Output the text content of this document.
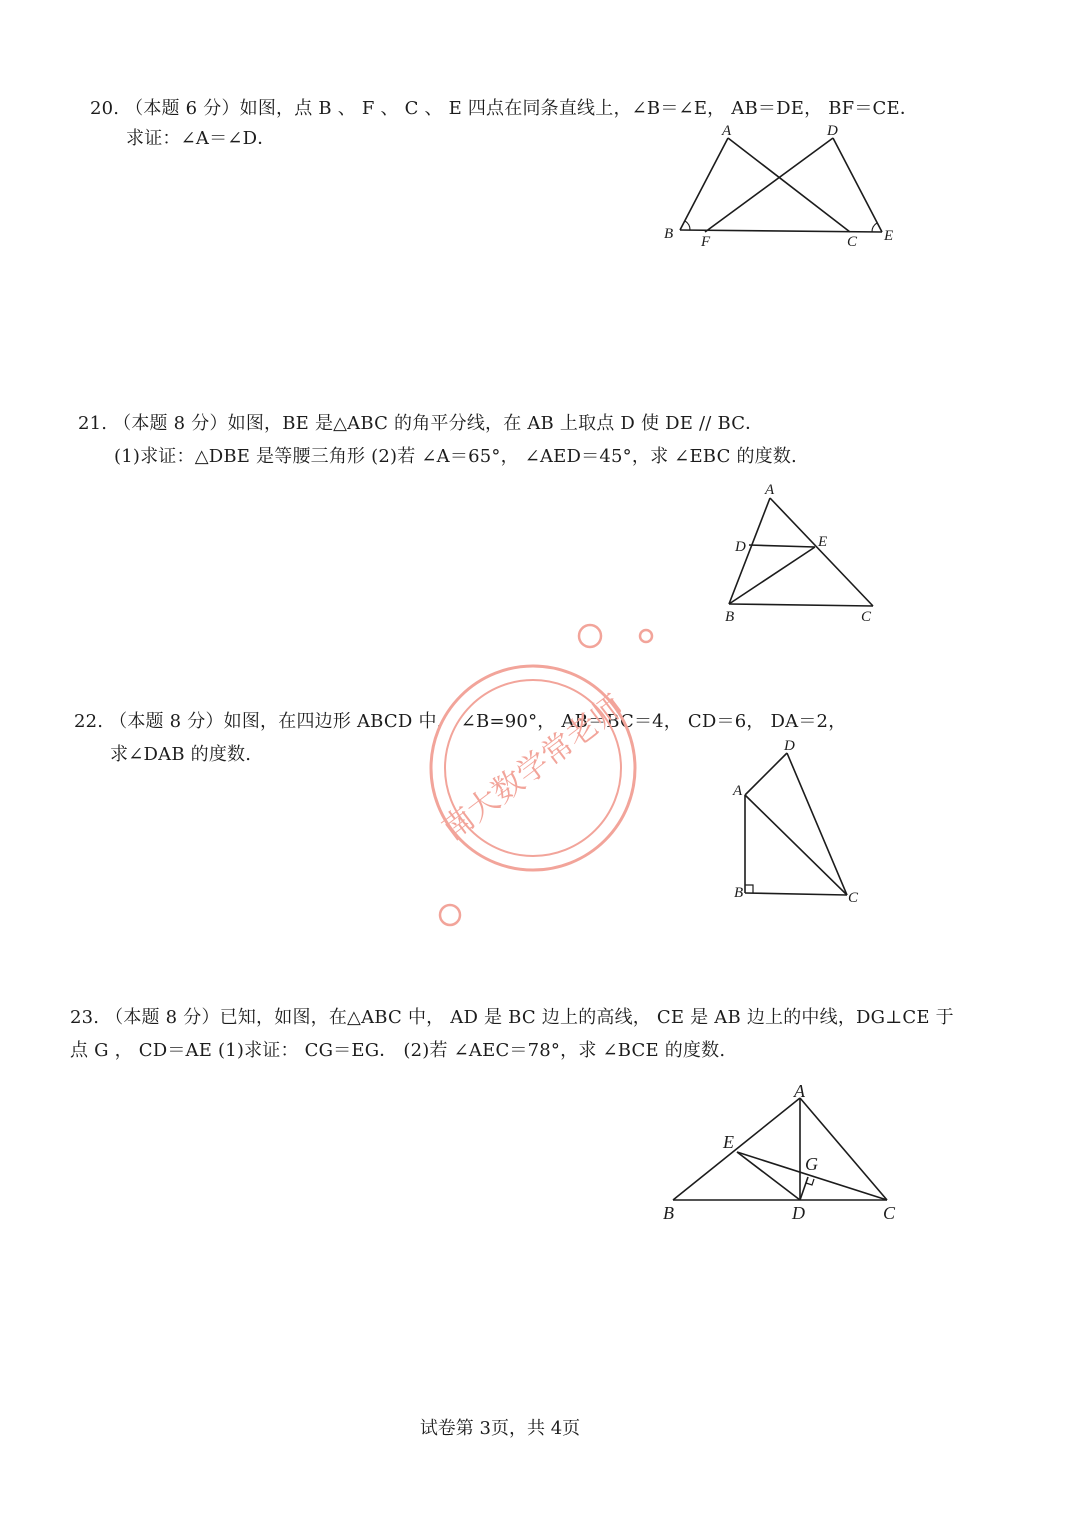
20. （本题 6 分）如图，点 B 、 F 、 C 、 E 四点在同条直线上，∠B＝∠E， AB＝DE， BF＝CE．
求证：∠A＝∠D．	A	D
B F	C E
21. （本题 8 分）如图，BE 是△ABC 的角平分线，在 AB 上取点 D 使 DE // BC．
(1)求证：△DBE 是等腰三角形 (2)若 ∠A＝65°， ∠AED＝45°，求 ∠EBC 的度数.
A
D	E
B	C
22. （本题 8 分）如图，在四边形 ABCD 中， ∠B=90°， AB＝BC＝4， CD＝6， DA＝2，
求∠DAB 的度数.	D
A
B	C
23. （本题 8 分）已知，如图，在△ABC 中， AD 是 BC 边上的高线， CE 是 AB 边上的中线，DG⊥CE 于
点 G ， CD＝AE (1)求证： CG＝EG． (2)若 ∠AEC＝78°，求 ∠BCE 的度数.
A
E
G
B	D	C
南大数学常老师
试卷第 3页，共 4页
